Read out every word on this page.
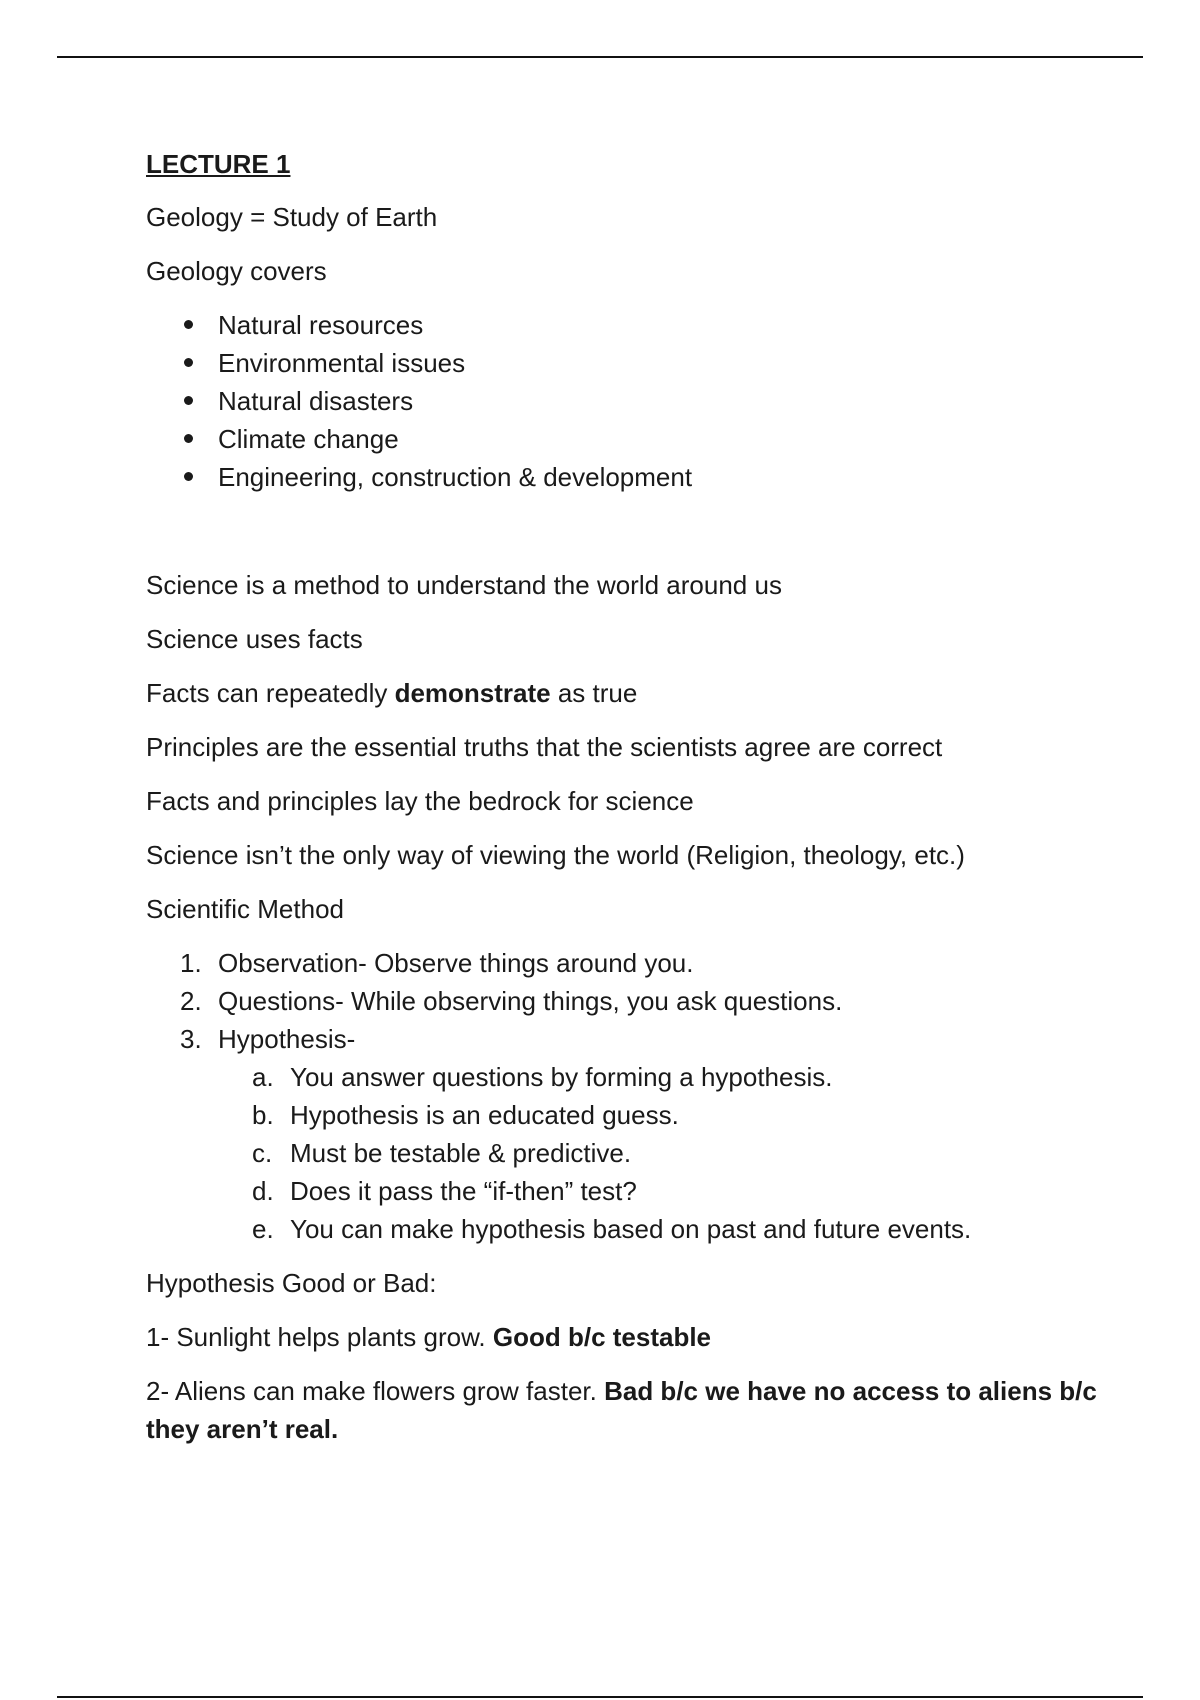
LECTURE 1

Geology = Study of Earth

Geology covers

Natural resources
Environmental issues
Natural disasters
Climate change
Engineering, construction & development

Science is a method to understand the world around us

Science uses facts

Facts can repeatedly demonstrate as true

Principles are the essential truths that the scientists agree are correct

Facts and principles lay the bedrock for science

Science isn’t the only way of viewing the world (Religion, theology, etc.)

Scientific Method

1. Observation- Observe things around you.
2. Questions- While observing things, you ask questions.
3. Hypothesis-
a. You answer questions by forming a hypothesis.
b. Hypothesis is an educated guess.
c. Must be testable & predictive.
d. Does it pass the “if-then” test?
e. You can make hypothesis based on past and future events.

Hypothesis Good or Bad:

1- Sunlight helps plants grow. Good b/c testable

2- Aliens can make flowers grow faster. Bad b/c we have no access to aliens b/c they aren’t real.
